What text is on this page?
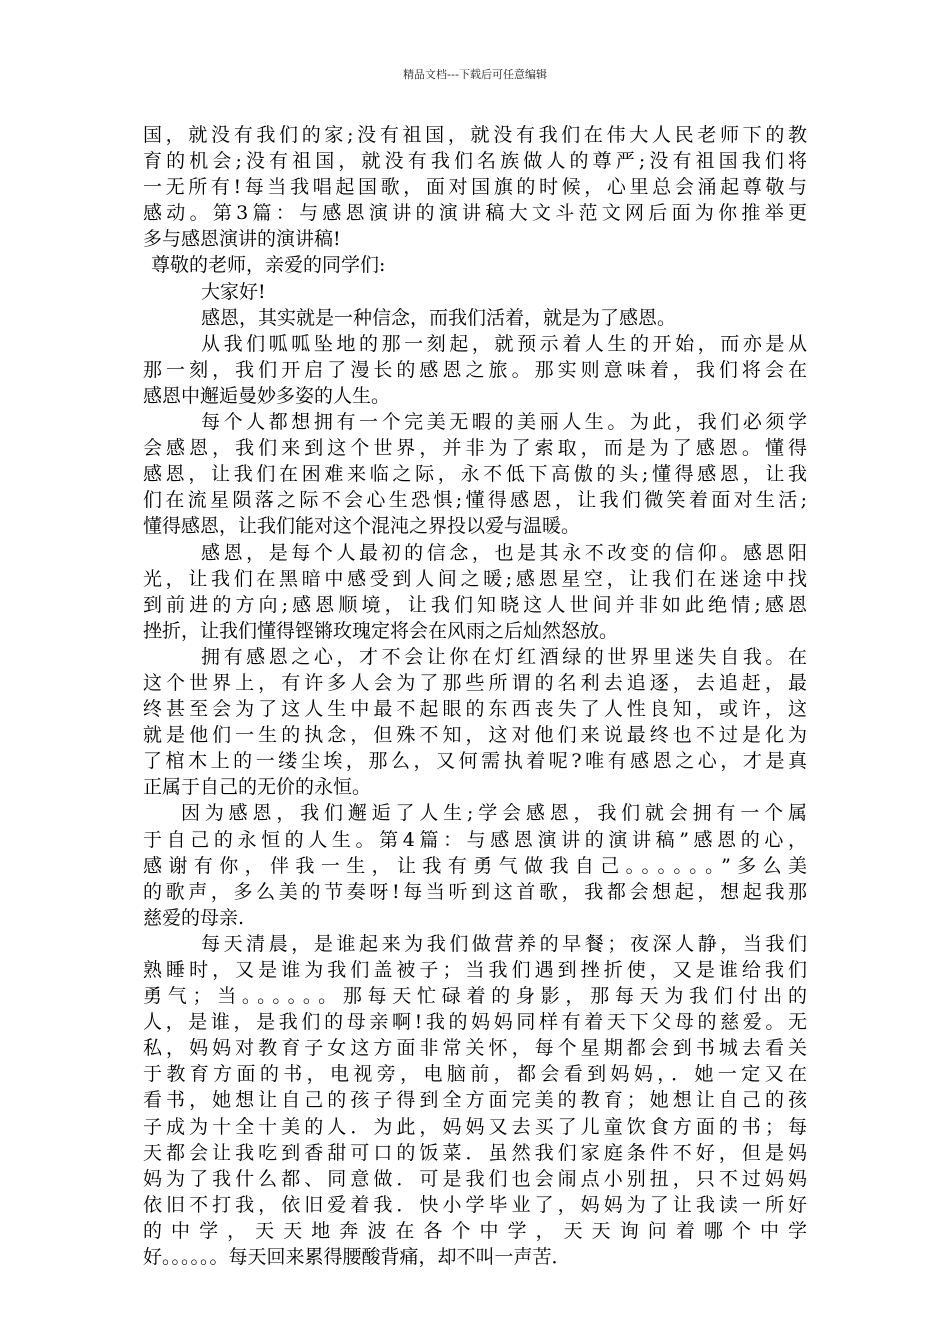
精品文档---下载后可任意编辑
国，就没有我们的家;没有祖国，就没有我们在伟大人民老师下的教
育的机会;没有祖国，就没有我们名族做人的尊严;没有祖国我们将
一无所有!每当我唱起国歌，面对国旗的时候，心里总会涌起尊敬与
感动。第3篇：与感恩演讲的演讲稿大文斗范文网后面为你推举更
多与感恩演讲的演讲稿!
尊敬的老师，亲爱的同学们:
大家好!
感恩，其实就是一种信念，而我们活着，就是为了感恩。
从我们呱呱坠地的那一刻起，就预示着人生的开始，而亦是从
那一刻，我们开启了漫长的感恩之旅。那实则意味着，我们将会在
感恩中邂逅曼妙多姿的人生。
每个人都想拥有一个完美无暇的美丽人生。为此，我们必须学
会感恩，我们来到这个世界，并非为了索取，而是为了感恩。懂得
感恩，让我们在困难来临之际，永不低下高傲的头;懂得感恩，让我
们在流星陨落之际不会心生恐惧;懂得感恩，让我们微笑着面对生活;
懂得感恩，让我们能对这个混沌之界投以爱与温暖。
感恩，是每个人最初的信念，也是其永不改变的信仰。感恩阳
光，让我们在黑暗中感受到人间之暖;感恩星空，让我们在迷途中找
到前进的方向;感恩顺境，让我们知晓这人世间并非如此绝情;感恩
挫折，让我们懂得铿锵玫瑰定将会在风雨之后灿然怒放。
拥有感恩之心，才不会让你在灯红酒绿的世界里迷失自我。在
这个世界上，有许多人会为了那些所谓的名利去追逐，去追赶，最
终甚至会为了这人生中最不起眼的东西丧失了人性良知，或许，这
就是他们一生的执念，但殊不知，这对他们来说最终也不过是化为
了棺木上的一缕尘埃，那么，又何需执着呢?唯有感恩之心，才是真
正属于自己的无价的永恒。
因为感恩，我们邂逅了人生;学会感恩，我们就会拥有一个属
于自己的永恒的人生。第4篇：与感恩演讲的演讲稿”感恩的心，
感谢有你，伴我一生，让我有勇气做我自己。。。。。。”多么美
的歌声，多么美的节奏呀!每当听到这首歌，我都会想起，想起我那
慈爱的母亲.
每天清晨，是谁起来为我们做营养的早餐；夜深人静，当我们
熟睡时，又是谁为我们盖被子；当我们遇到挫折使，又是谁给我们
勇气；当。。。。。。那每天忙碌着的身影，那每天为我们付出的
人，是谁，是我们的母亲啊!我的妈妈同样有着天下父母的慈爱。无
私，妈妈对教育子女这方面非常关怀，每个星期都会到书城去看关
于教育方面的书，电视旁，电脑前，都会看到妈妈，．她一定又在
看书，她想让自己的孩子得到全方面完美的教育；她想让自己的孩
子成为十全十美的人．为此，妈妈又去买了儿童饮食方面的书；每
天都会让我吃到香甜可口的饭菜．虽然我们家庭条件不好，但是妈
妈为了我什么都、同意做．可是我们也会闹点小别扭，只不过妈妈
依旧不打我，依旧爱着我．快小学毕业了，妈妈为了让我读一所好
的中学，天天地奔波在各个中学，天天询问着哪个中学
好。。。。。。每天回来累得腰酸背痛，却不叫一声苦．
